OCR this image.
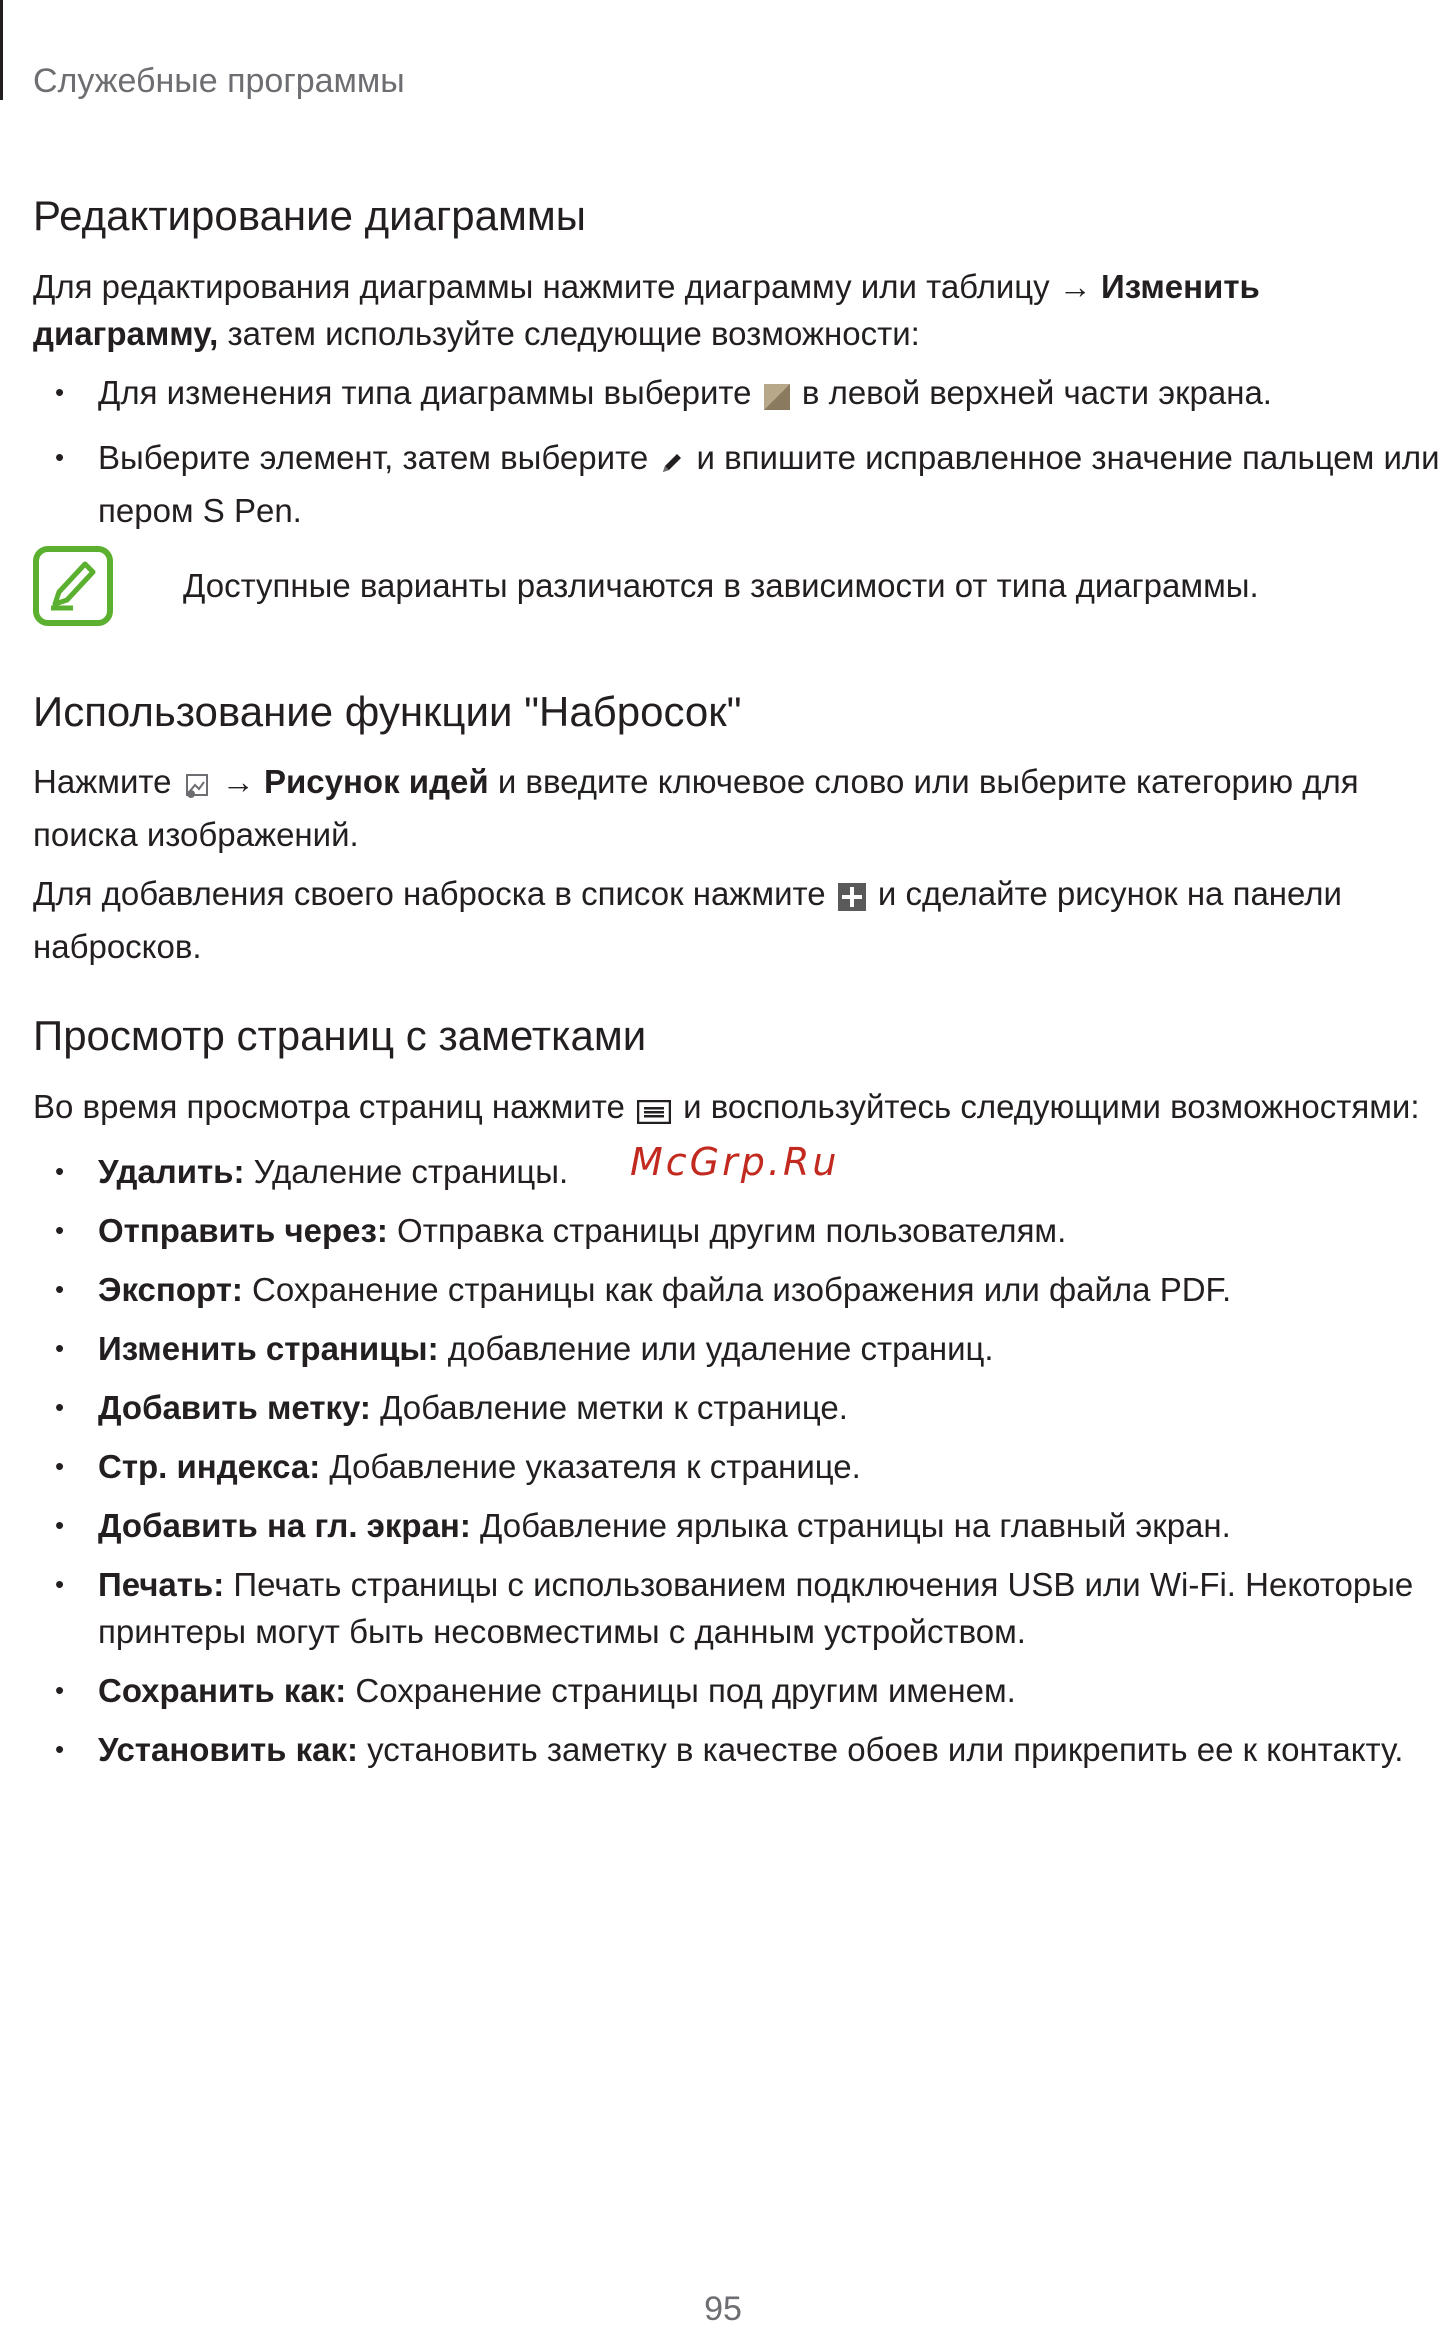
Служебные программы
Редактирование диаграммы

Для редактирования диаграммы нажмите диаграмму или таблицу → Изменить диаграмму, затем используйте следующие возможности:

• Для изменения типа диаграммы выберите  в левой верхней части экрана.
• Выберите элемент, затем выберите  и впишите исправленное значение пальцем или пером S Pen.
Доступные варианты различаются в зависимости от типа диаграммы.
Использование функции "Набросок"

Нажмите  → Рисунок идей и введите ключевое слово или выберите категорию для поиска изображений.

Для добавления своего наброска в список нажмите  и сделайте рисунок на панели набросков.

Просмотр страниц с заметками

Во время просмотра страниц нажмите  и воспользуйтесь следующими возможностями:

• Удалить: Удаление страницы.
• Отправить через: Отправка страницы другим пользователям.
• Экспорт: Сохранение страницы как файла изображения или файла PDF.
• Изменить страницы: добавление или удаление страниц.
• Добавить метку: Добавление метки к странице.
• Стр. индекса: Добавление указателя к странице.
• Добавить на гл. экран: Добавление ярлыка страницы на главный экран.
• Печать: Печать страницы с использованием подключения USB или Wi-Fi. Некоторые принтеры могут быть несовместимы с данным устройством.
• Сохранить как: Сохранение страницы под другим именем.
• Установить как: установить заметку в качестве обоев или прикрепить ее к контакту.
McGrp.Ru
95
